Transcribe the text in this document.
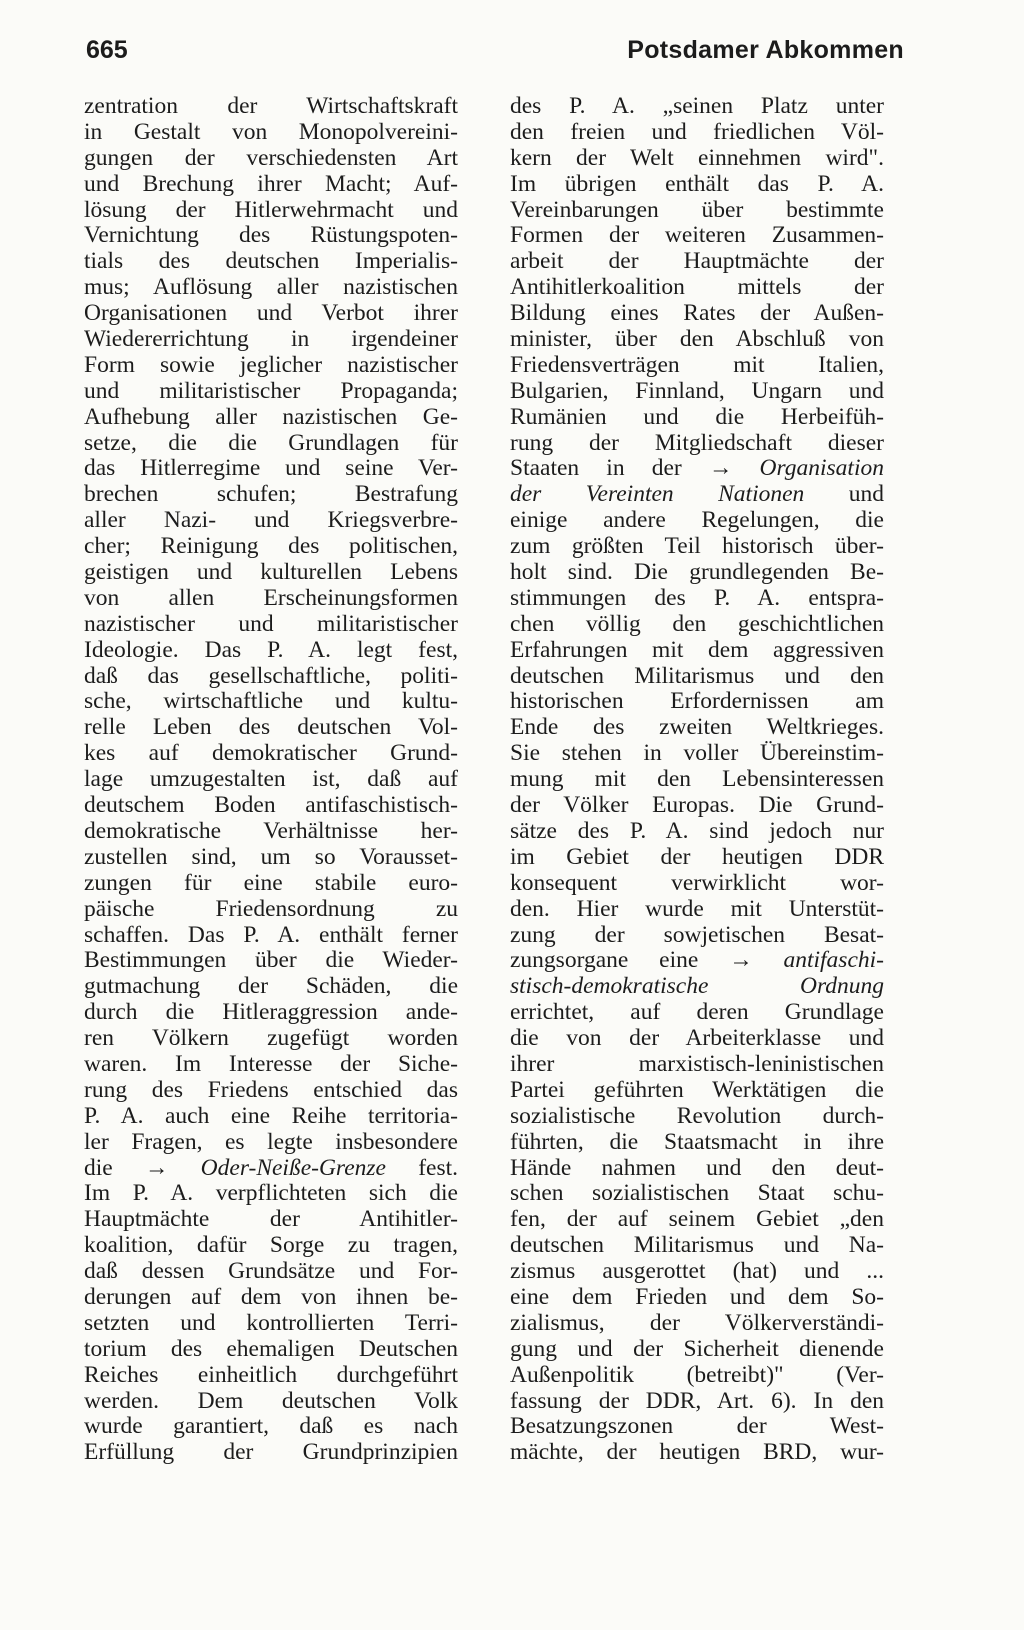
665	Potsdamer Abkommen
zentration der Wirtschaftskraft
in Gestalt von Monopolvereini-
gungen der verschiedensten Art
und Brechung ihrer Macht; Auf-
lösung der Hitlerwehrmacht und
Vernichtung des Rüstungspoten-
tials des deutschen Imperialis-
mus; Auflösung aller nazistischen
Organisationen und Verbot ihrer
Wiedererrichtung in irgendeiner
Form sowie jeglicher nazistischer
und militaristischer Propaganda;
Aufhebung aller nazistischen Ge-
setze, die die Grundlagen für
das Hitlerregime und seine Ver-
brechen schufen; Bestrafung
aller Nazi- und Kriegsverbre-
cher; Reinigung des politischen,
geistigen und kulturellen Lebens
von allen Erscheinungsformen
nazistischer und militaristischer
Ideologie. Das P. A. legt fest,
daß das gesellschaftliche, politi-
sche, wirtschaftliche und kultu-
relle Leben des deutschen Vol-
kes auf demokratischer Grund-
lage umzugestalten ist, daß auf
deutschem Boden antifaschistisch-
demokratische Verhältnisse her-
zustellen sind, um so Vorausset-
zungen für eine stabile euro-
päische Friedensordnung zu
schaffen. Das P. A. enthält ferner
Bestimmungen über die Wieder-
gutmachung der Schäden, die
durch die Hitleraggression ande-
ren Völkern zugefügt worden
waren. Im Interesse der Siche-
rung des Friedens entschied das
P. A. auch eine Reihe territoria-
ler Fragen, es legte insbesondere
die → Oder-Neiße-Grenze fest.
Im P. A. verpflichteten sich die
Hauptmächte der Antihitler-
koalition, dafür Sorge zu tragen,
daß dessen Grundsätze und For-
derungen auf dem von ihnen be-
setzten und kontrollierten Terri-
torium des ehemaligen Deutschen
Reiches einheitlich durchgeführt
werden. Dem deutschen Volk
wurde garantiert, daß es nach
Erfüllung der Grundprinzipien
des P. A. „seinen Platz unter
den freien und friedlichen Völ-
kern der Welt einnehmen wird".
Im übrigen enthält das P. A.
Vereinbarungen über bestimmte
Formen der weiteren Zusammen-
arbeit der Hauptmächte der
Antihitlerkoalition mittels der
Bildung eines Rates der Außen-
minister, über den Abschluß von
Friedensverträgen mit Italien,
Bulgarien, Finnland, Ungarn und
Rumänien und die Herbeifüh-
rung der Mitgliedschaft dieser
Staaten in der → Organisation
der Vereinten Nationen und
einige andere Regelungen, die
zum größten Teil historisch über-
holt sind. Die grundlegenden Be-
stimmungen des P. A. entspra-
chen völlig den geschichtlichen
Erfahrungen mit dem aggressiven
deutschen Militarismus und den
historischen Erfordernissen am
Ende des zweiten Weltkrieges.
Sie stehen in voller Übereinstim-
mung mit den Lebensinteressen
der Völker Europas. Die Grund-
sätze des P. A. sind jedoch nur
im Gebiet der heutigen DDR
konsequent verwirklicht wor-
den. Hier wurde mit Unterstüt-
zung der sowjetischen Besat-
zungsorgane eine → antifaschi-
stisch-demokratische Ordnung
errichtet, auf deren Grundlage
die von der Arbeiterklasse und
ihrer marxistisch-leninistischen
Partei geführten Werktätigen die
sozialistische Revolution durch-
führten, die Staatsmacht in ihre
Hände nahmen und den deut-
schen sozialistischen Staat schu-
fen, der auf seinem Gebiet „den
deutschen Militarismus und Na-
zismus ausgerottet (hat) und ...
eine dem Frieden und dem So-
zialismus, der Völkerverständi-
gung und der Sicherheit dienende
Außenpolitik (betreibt)" (Ver-
fassung der DDR, Art. 6). In den
Besatzungszonen der West-
mächte, der heutigen BRD, wur-
